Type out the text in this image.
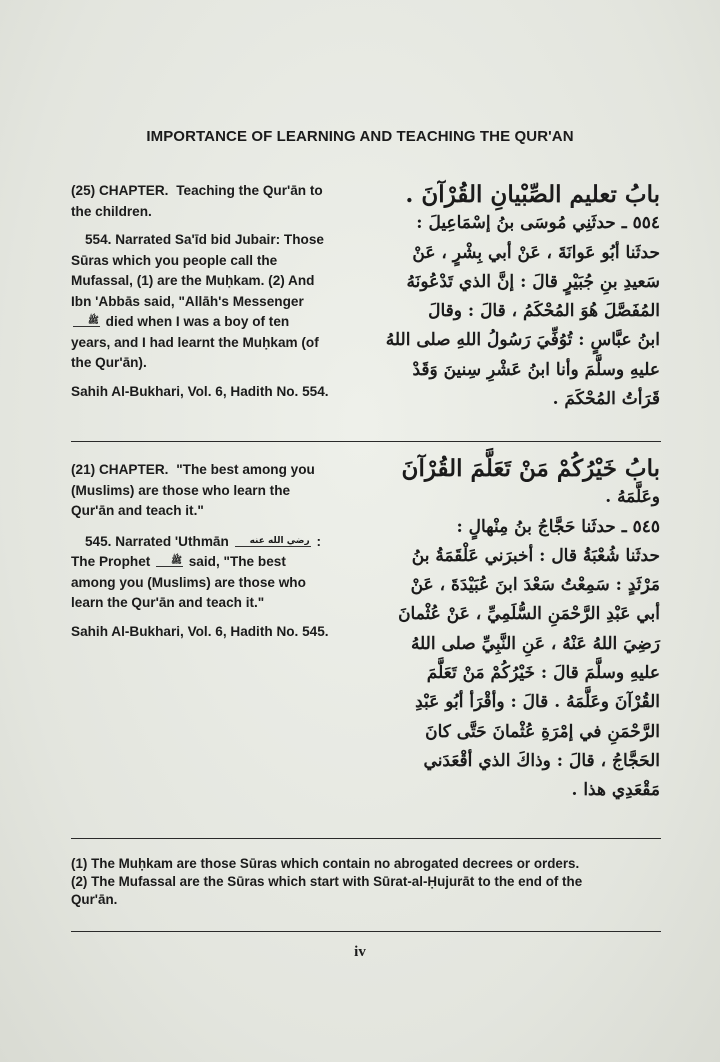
IMPORTANCE OF LEARNING AND TEACHING THE QUR'AN

(25) CHAPTER. Teaching the Qur'ān to the children.

554. Narrated Sa'īd bid Jubair: Those Sūras which you people call the Mufassal, (1) are the Muḥkam. (2) And Ibn 'Abbās said, "Allāh's Messenger ﷺ died when I was a boy of ten years, and I had learnt the Muḥkam (of the Qur'ān).

Sahih Al-Bukhari, Vol. 6, Hadith No. 554.

بابُ تعليم الصِّبْيانِ القُرْآنَ .
٥٥٤ ـ حدثَنِي مُوسَى بنُ إسْمَاعِيلَ :
حدثَنا أبُو عَوانَةَ ، عَنْ أبي بِشْرٍ ، عَنْ
سَعيدِ بنِ جُبَيْرٍ قالَ : إنَّ الذي تَدْعُونَهُ
المُفَصَّلَ هُوَ المُحْكَمُ ، قالَ : وقالَ
ابنُ عبَّاسٍ : تُوُفِّيَ رَسُولُ اللهِ صلى اللهُ
عليهِ وسلَّمَ وأنا ابنُ عَشْرِ سِنينَ وَقَدْ
قَرَأتُ المُحْكَمَ .

(21) CHAPTER. "The best among you (Muslims) are those who learn the Qur'ān and teach it."

545. Narrated 'Uthmān رضي الله عنه : The Prophet ﷺ said, "The best among you (Muslims) are those who learn the Qur'ān and teach it."

Sahih Al-Bukhari, Vol. 6, Hadith No. 545.

بابُ خَيْرُكُمْ مَنْ تَعَلَّمَ القُرْآنَ
وعَلَّمَهُ .
٥٤٥ ـ حدثَنا حَجَّاجُ بنُ مِنْهالٍ :
حدثَنا شُعْبَةُ قال : أخبرَني عَلْقَمَةُ بنُ
مَرْثَدٍ : سَمِعْتُ سَعْدَ ابنَ عُبَيْدَةَ ، عَنْ
أبي عَبْدِ الرَّحْمَنِ السُّلَمِيِّ ، عَنْ عُثْمانَ
رَضِيَ اللهُ عَنْهُ ، عَنِ النَّبِيِّ صلى اللهُ
عليهِ وسلَّمَ قالَ : خَيْرُكُمْ مَنْ تَعَلَّمَ
القُرْآنَ وعَلَّمَهُ . قالَ : وأقْرَأ أبُو عَبْدِ
الرَّحْمَنِ في إمْرَةِ عُثْمانَ حَتَّى كانَ
الحَجَّاجُ ، قالَ : وذاكَ الذي أقْعَدَني
مَقْعَدِي هذا .

(1) The Muḥkam are those Sūras which contain no abrogated decrees or orders.

(2) The Mufassal are the Sūras which start with Sūrat-al-Ḥujurāt to the end of the Qur'ān.

iv
